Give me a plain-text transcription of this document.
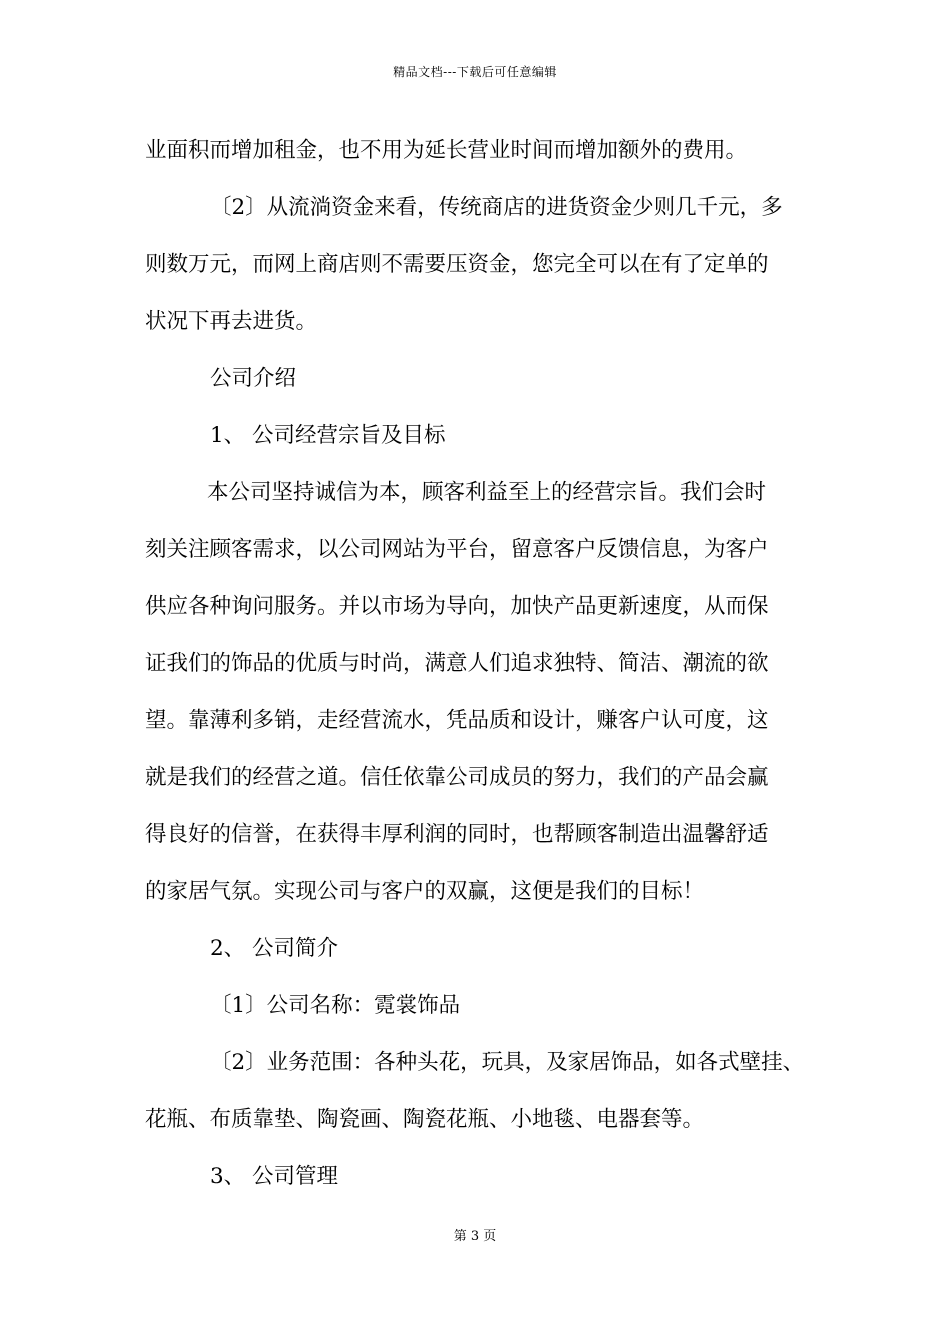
精品文档---下载后可任意编辑
业面积而增加租金，也不用为延长营业时间而增加额外的费用。
〔2〕从流淌资金来看，传统商店的进货资金少则几千元，多
则数万元，而网上商店则不需要压资金，您完全可以在有了定单的
状况下再去进货。
公司介绍
1、 公司经营宗旨及目标
本公司坚持诚信为本，顾客利益至上的经营宗旨。我们会时
刻关注顾客需求，以公司网站为平台，留意客户反馈信息，为客户
供应各种询问服务。并以市场为导向，加快产品更新速度，从而保
证我们的饰品的优质与时尚，满意人们追求独特、简洁、潮流的欲
望。靠薄利多销，走经营流水，凭品质和设计，赚客户认可度，这
就是我们的经营之道。信任依靠公司成员的努力，我们的产品会赢
得良好的信誉，在获得丰厚利润的同时，也帮顾客制造出温馨舒适
的家居气氛。实现公司与客户的双赢，这便是我们的目标！
2、 公司简介
〔1〕公司名称：霓裳饰品
〔2〕业务范围：各种头花，玩具，及家居饰品，如各式壁挂、
花瓶、布质靠垫、陶瓷画、陶瓷花瓶、小地毯、电器套等。
3、 公司管理
第 3 页
